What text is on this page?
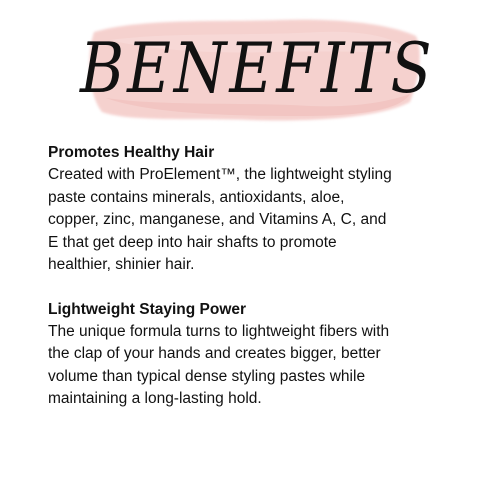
BENEFITS

Promotes Healthy Hair

Created with ProElement™, the lightweight styling
paste contains minerals, antioxidants, aloe,
copper, zinc, manganese, and Vitamins A, C, and
E that get deep into hair shafts to promote
healthier, shinier hair.

Lightweight Staying Power

The unique formula turns to lightweight fibers with
the clap of your hands and creates bigger, better
volume than typical dense styling pastes while
maintaining a long-lasting hold.
